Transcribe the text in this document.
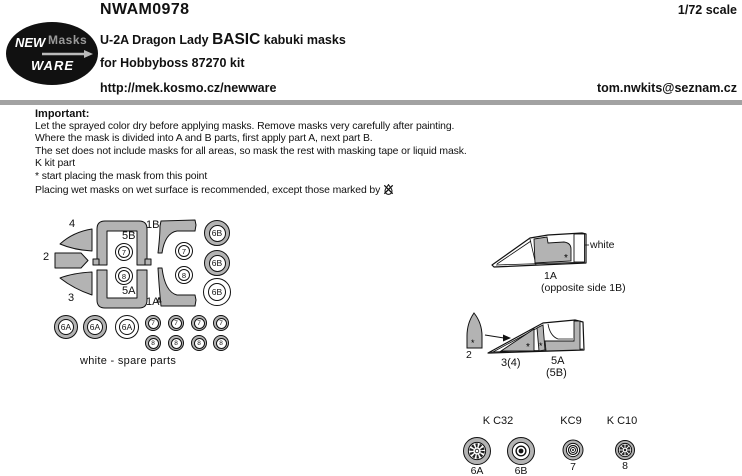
NEW Masks
WARE
NWAM0978	1/72 scale
U-2A Dragon Lady BASIC kabuki masks
for Hobbyboss 87270 kit
http://mek.kosmo.cz/newware	tom.nwkits@seznam.cz
Important:
Let the sprayed color dry before applying masks. Remove masks very carefully after painting.
Where the mask is divided into A and B parts, first apply part A, next part B.
The set does not include masks for all areas, so mask the rest with masking tape or liquid mask.
K kit part
* start placing the mask from this point
Placing wet masks on wet surface is recommended, except those marked by
white - spare parts
*
white
1A
(opposite side 1B)
*	* *
2
3(4)	5A
(5B)
K C32	KC9	K C10
6A	6B	7	8
4
2
3
5B
5A
1B
1A
7
8
7
8
6B
6B
6B
6A	6A	6A	7	7	7	7
8	8	8	8
